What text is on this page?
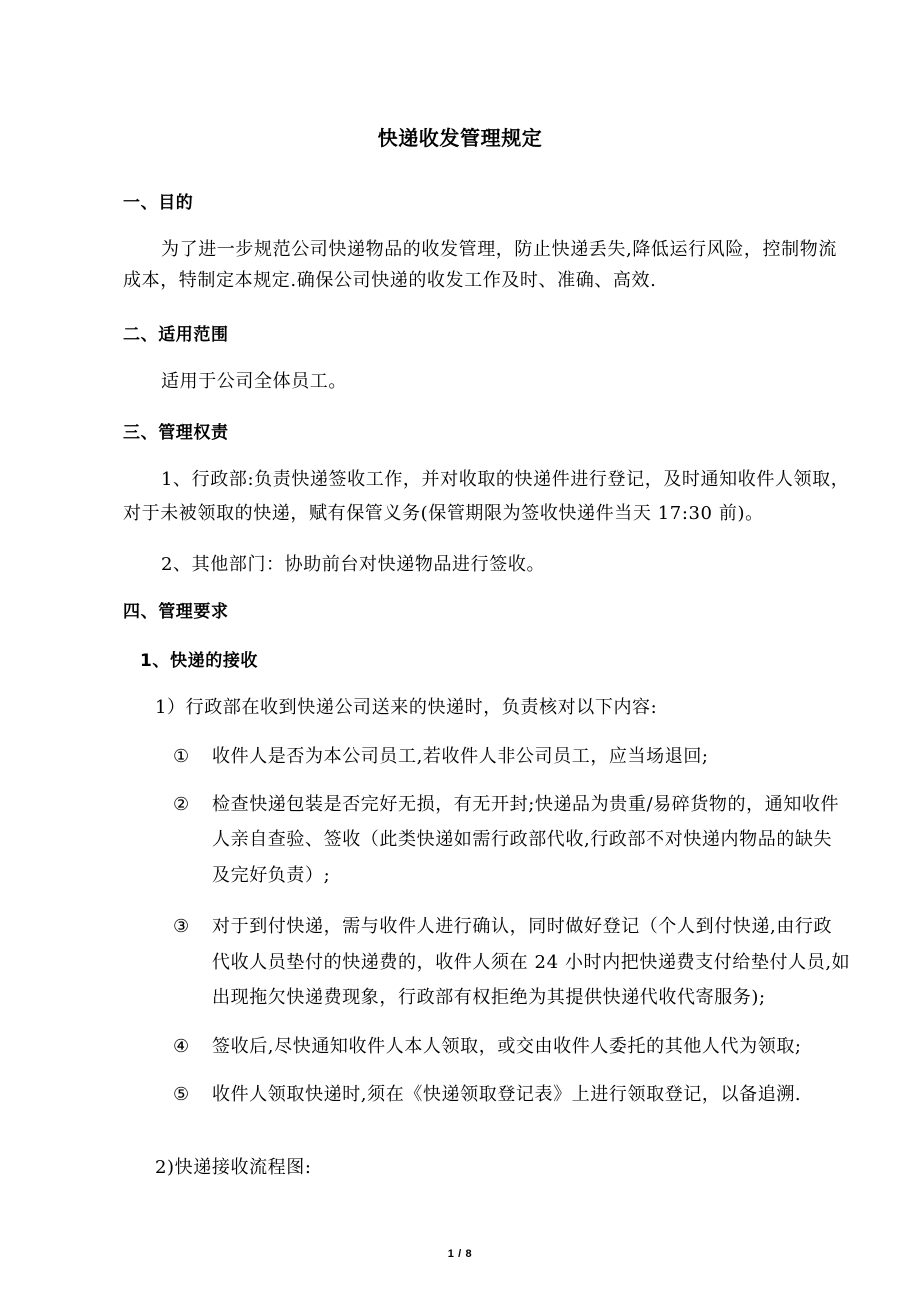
快递收发管理规定
一、目的
为了进一步规范公司快递物品的收发管理，防止快递丢失,降低运行风险，控制物流
成本，特制定本规定.确保公司快递的收发工作及时、准确、高效.
二、适用范围
适用于公司全体员工。
三、管理权责
1、行政部:负责快递签收工作，并对收取的快递件进行登记，及时通知收件人领取，
对于未被领取的快递，赋有保管义务(保管期限为签收快递件当天 17:30 前)。
2、其他部门：协助前台对快递物品进行签收。
四、管理要求
1、快递的接收
1）行政部在收到快递公司送来的快递时，负责核对以下内容:
① 收件人是否为本公司员工,若收件人非公司员工，应当场退回;
② 检查快递包装是否完好无损，有无开封;快递品为贵重/易碎货物的，通知收件
人亲自查验、签收（此类快递如需行政部代收,行政部不对快递内物品的缺失
及完好负责）;
③ 对于到付快递，需与收件人进行确认，同时做好登记（个人到付快递,由行政
代收人员垫付的快递费的，收件人须在 24 小时内把快递费支付给垫付人员,如
出现拖欠快递费现象，行政部有权拒绝为其提供快递代收代寄服务);
④ 签收后,尽快通知收件人本人领取，或交由收件人委托的其他人代为领取;
⑤ 收件人领取快递时,须在《快递领取登记表》上进行领取登记，以备追溯.
2)快递接收流程图:
1 / 8
